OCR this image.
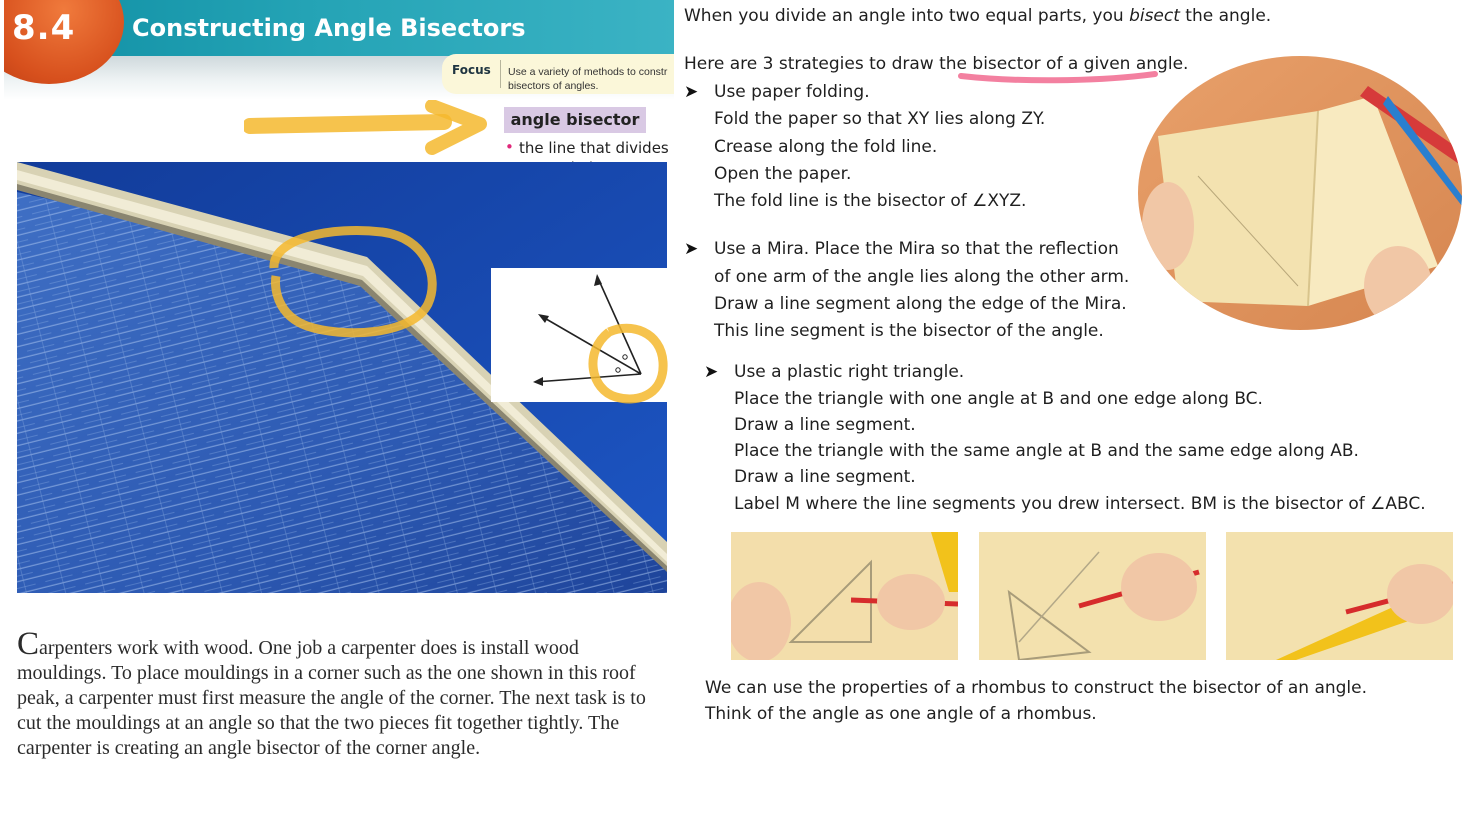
8.4 Constructing Angle Bisectors
Focus Use a variety of methods to constr bisectors of angles.
angle bisector
• the line that divides
Carpenters work with wood. One job a carpenter does is install wood mouldings. To place mouldings in a corner such as the one shown in this roof peak, a carpenter must first measure the angle of the corner. The next task is to cut the mouldings at an angle so that the two pieces fit together tightly. The carpenter is creating an angle bisector of the corner angle.
When you divide an angle into two equal parts, you bisect the angle.
Here are 3 strategies to draw the bisector of a given angle.
➤ Use paper folding.
Fold the paper so that XY lies along ZY.
Crease along the fold line.
Open the paper.
The fold line is the bisector of ∠XYZ.
➤ Use a Mira. Place the Mira so that the reflection
of one arm of the angle lies along the other arm.
Draw a line segment along the edge of the Mira.
This line segment is the bisector of the angle.
➤ Use a plastic right triangle.
Place the triangle with one angle at B and one edge along BC.
Draw a line segment.
Place the triangle with the same angle at B and the same edge along AB.
Draw a line segment.
Label M where the line segments you drew intersect. BM is the bisector of ∠ABC.
We can use the properties of a rhombus to construct the bisector of an angle.
Think of the angle as one angle of a rhombus.
